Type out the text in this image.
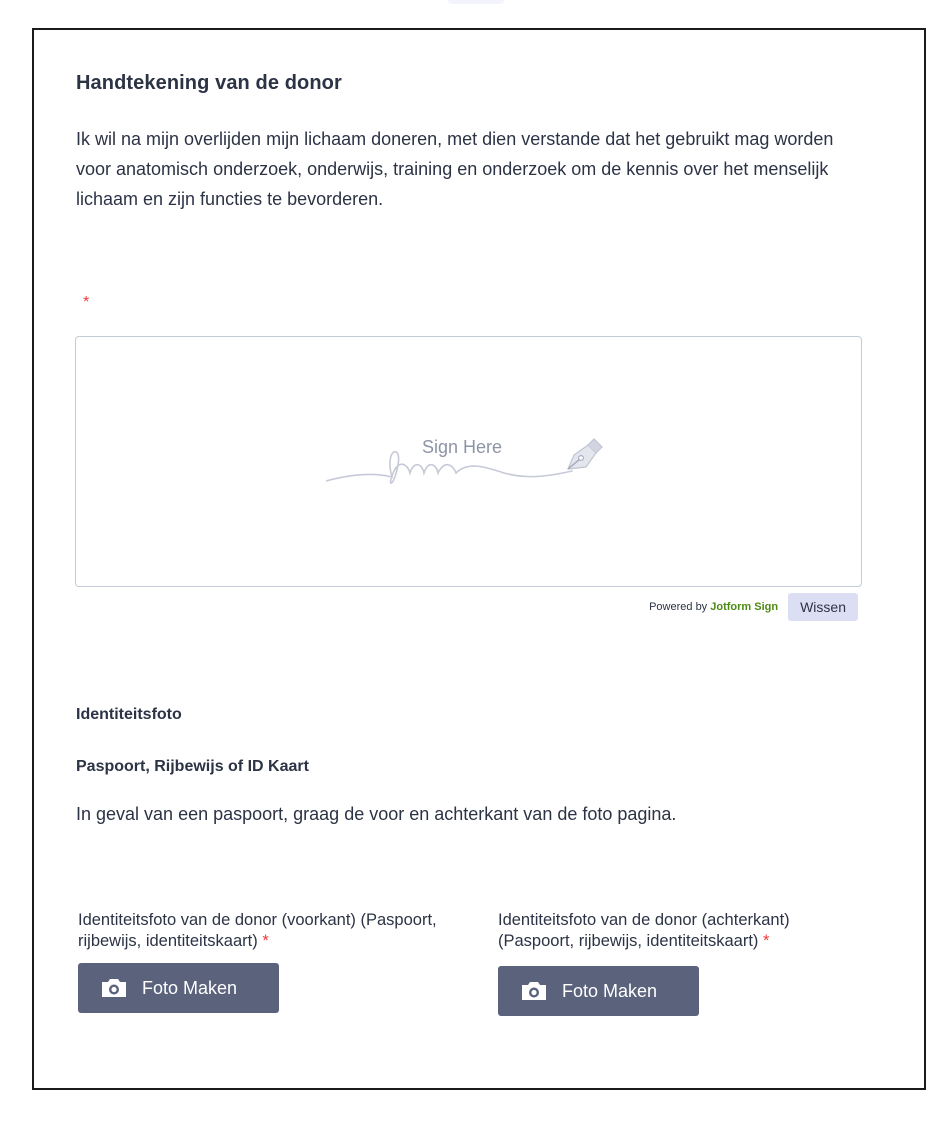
Handtekening van de donor

Ik wil na mijn overlijden mijn lichaam doneren, met dien verstande dat het gebruikt mag worden voor anatomisch onderzoek, onderwijs, training en onderzoek om de kennis over het menselijk lichaam en zijn functies te bevorderen.

*
Sign Here
Powered by Jotform Sign	Wissen
Identiteitsfoto
Paspoort, Rijbewijs of ID Kaart

In geval van een paspoort, graag de voor en achterkant van de foto pagina.

Identiteitsfoto van de donor (voorkant) (Paspoort, rijbewijs, identiteitskaart) *
Foto Maken
Identiteitsfoto van de donor (achterkant) (Paspoort, rijbewijs, identiteitskaart) *
Foto Maken
